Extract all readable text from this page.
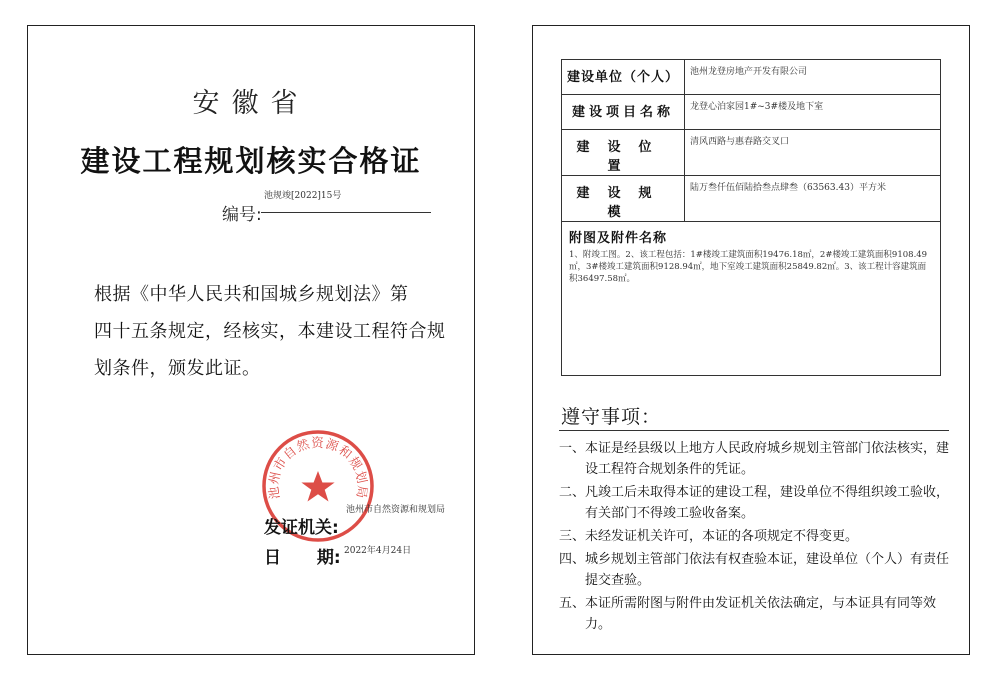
安徽省
建设工程规划核实合格证
池规竣[2022]15号
编号:
根据《中华人民共和国城乡规划法》第
四十五条规定，经核实，本建设工程符合规
划条件，颁发此证。
池州市自然资源和规划局
发证机关:
池州市自然资源和规划局
日 期: 2022年4月24日
建设单位（个人）	池州龙登房地产开发有限公司
建设项目名称	龙登心泊家园1#~3#楼及地下室
建设位置	清风西路与惠春路交叉口
建设规模	陆万叁仟伍佰陆拾叁点肆叁（63563.43）平方米

附图及附件名称
1、附竣工图。2、该工程包括：1#楼竣工建筑面积19476.18㎡，2#楼竣工建筑面积9108.49㎡，3#楼竣工建筑面积9128.94㎡，地下室竣工建筑面积25849.82㎡。3、该工程计容建筑面积36497.58㎡。	
遵守事项：
一、 本证是经县级以上地方人民政府城乡规划主管部门依法核实，建设工程符合规划条件的凭证。
二、 凡竣工后未取得本证的建设工程，建设单位不得组织竣工验收，有关部门不得竣工验收备案。
三、 未经发证机关许可，本证的各项规定不得变更。
四、 城乡规划主管部门依法有权查验本证，建设单位（个人）有责任提交查验。
五、 本证所需附图与附件由发证机关依法确定，与本证具有同等效力。
